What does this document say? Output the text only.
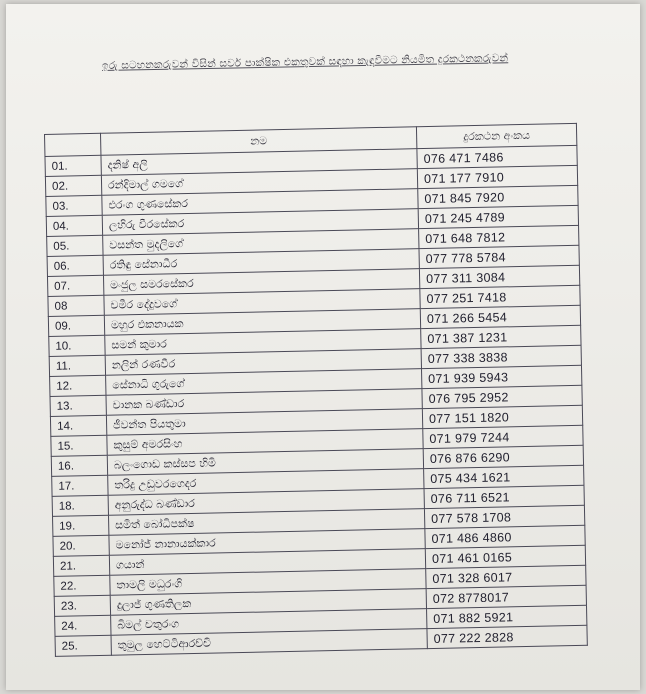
ඉරු සටහනකරුවන් විසින් සර්ව පාක්ෂික එකතුවක් සඳහා කැඳවීමට නියමිත දුරකථනකරුවන්
	නම	දුරකථන අංකය
01.	දනිෂ් අලි	076 471 7486
02.	රන්දිමාල් ගමගේ	071 177 7910
03.	එරංග ගුණසේකර	071 845 7920
04.	ලහිරු වීරසේකර	071 245 4789
05.	වසන්ත මුදලිගේ	071 648 7812
06.	රතිඳු සේනාධීර	077 778 5784
07.	මංජුල සමරසේකර	077 311 3084
08	චමීර දේදුවගේ	077 251 7418
09.	මහුර එකනායක	071 266 5454
10.	සමන් කුමාර	071 387 1231
11.	නලින් රණවීර	077 338 3838
12.	සේනාධි ගුරුගේ	071 939 5943
13.	චානක බණ්ඩාර	076 795 2952
14.	ජීවන්ත පියතුමා	077 151 1820
15.	කුසුම් අමරසිංහ	071 979 7244
16.	බලංගොඩ කස්සප හිමි	076 876 6290
17.	තරිදු උඩුවරගෙදර	075 434 1621
18.	අනුරුද්ධ බණ්ඩාර	076 711 6521
19.	සමිත් බෝධිපක්ෂ	077 578 1708
20.	මනෝජ් නානායක්කාර	071 486 4860
21.	ගයාන්	071 461 0165
22.	තාමලි මධුරංගි	071 328 6017
23.	දුලාජ් ගුණතිලක	072 8778017
24.	බිමල් චතුරංග	071 882 5921
25.	තුමුල හෙට්ටිආරච්චි	077 222 2828
